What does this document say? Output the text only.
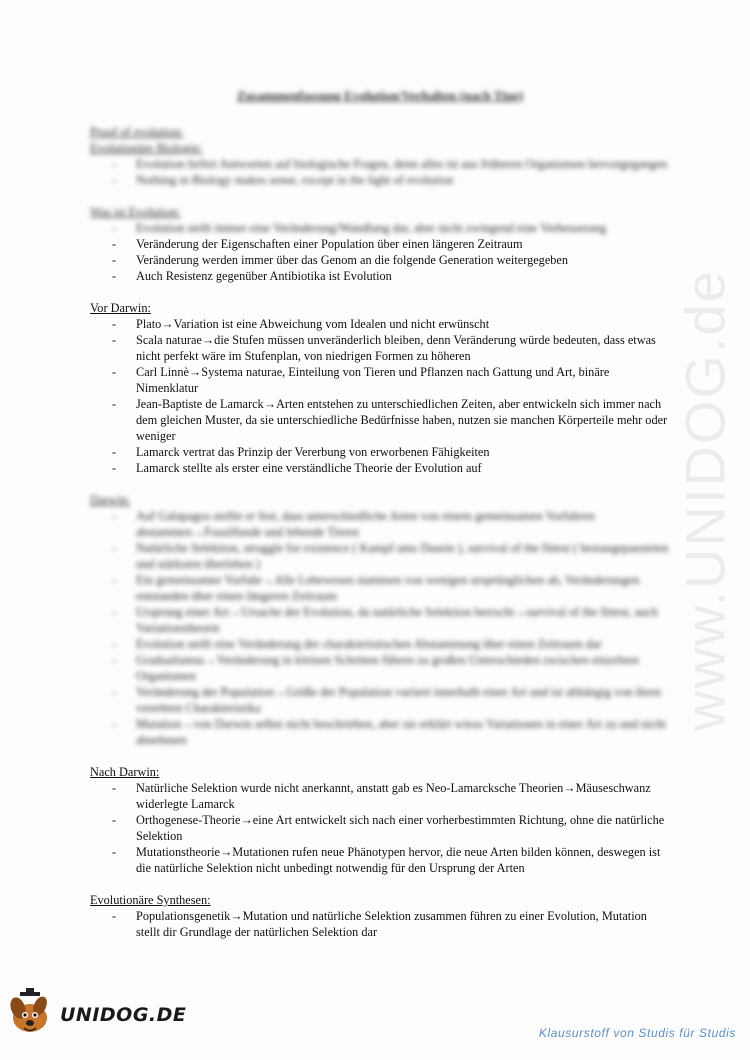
www.UNIDOG.de
Zusammenfassung Evolution/Verhalten (nach Tine)
Proof of evolution:
Evolutionäre Biologie:
- Evolution liefert Antworten auf biologische Fragen, denn alles ist aus früheren Organismen hervorgegangen
- Nothing in Biology makes sense, except in the light of evolution
Was ist Evolution:
- Evolution stellt immer eine Veränderung/Wandlung dar, aber nicht zwingend eine Verbesserung
- Veränderung der Eigenschaften einer Population über einen längeren Zeitraum
- Veränderung werden immer über das Genom an die folgende Generation weitergegeben
- Auch Resistenz gegenüber Antibiotika ist Evolution
Vor Darwin:
- Plato→Variation ist eine Abweichung vom Idealen und nicht erwünscht
- Scala naturae→die Stufen müssen unveränderlich bleiben, denn Veränderung würde bedeuten, dass etwas nicht perfekt wäre im Stufenplan, von niedrigen Formen zu höheren
- Carl Linnè→Systema naturae, Einteilung von Tieren und Pflanzen nach Gattung und Art, binäre Nimenklatur
- Jean-Baptiste de Lamarck→Arten entstehen zu unterschiedlichen Zeiten, aber entwickeln sich immer nach dem gleichen Muster, da sie unterschiedliche Bedürfnisse haben, nutzen sie manchen Körperteile mehr oder weniger
- Lamarck vertrat das Prinzip der Vererbung von erworbenen Fähigkeiten
- Lamarck stellte als erster eine verständliche Theorie der Evolution auf
Darwin:
- Auf Galapagos stellte er fest, dass unterschiedliche Arten von einem gemeinsamen Vorfahren abstammen→Fossilfunde und lebende Tieren
- Natürliche Selektion, struggle for existence ( Kampf ums Dasein ), survival of the fittest ( bestangepassteten und stärksten überleben )
- Ein gemeinsamer Vorfahr→Alle Lebewesen stammen von wenigen ursprünglichen ab, Veränderungen entstanden über einen längeren Zeitraum
- Ursprung einer Art→Ursache der Evolution, da natürliche Selektion herrscht→survival of the fittest, auch Variationstheorie
- Evolution stellt eine Veränderung der charakteristischen Abstammung über einen Zeitraum dar
- Gradualismus→Veränderung in kleinen Schritten führen zu großen Unterschieden zwischen einzelnen Organismen
- Veränderung der Population→Größe der Population variiert innerhalb einer Art und ist abhängig von ihren vererbten Charakteristika
- Mutation→von Darwin selbst nicht beschrieben, aber sie erklärt wieso Variationen in einer Art zu und nicht abnehmen
Nach Darwin:
- Natürliche Selektion wurde nicht anerkannt, anstatt gab es Neo-Lamarcksche Theorien→Mäuseschwanz widerlegte Lamarck
- Orthogenese-Theorie→eine Art entwickelt sich nach einer vorherbestimmten Richtung, ohne die natürliche Selektion
- Mutationstheorie→Mutationen rufen neue Phänotypen hervor, die neue Arten bilden können, deswegen ist die natürliche Selektion nicht unbedingt notwendig für den Ursprung der Arten
Evolutionäre Synthesen:
- Populationsgenetik→Mutation und natürliche Selektion zusammen führen zu einer Evolution, Mutation stellt dir Grundlage der natürlichen Selektion dar
UNIDOG.DE
Klausurstoff von Studis für Studis
